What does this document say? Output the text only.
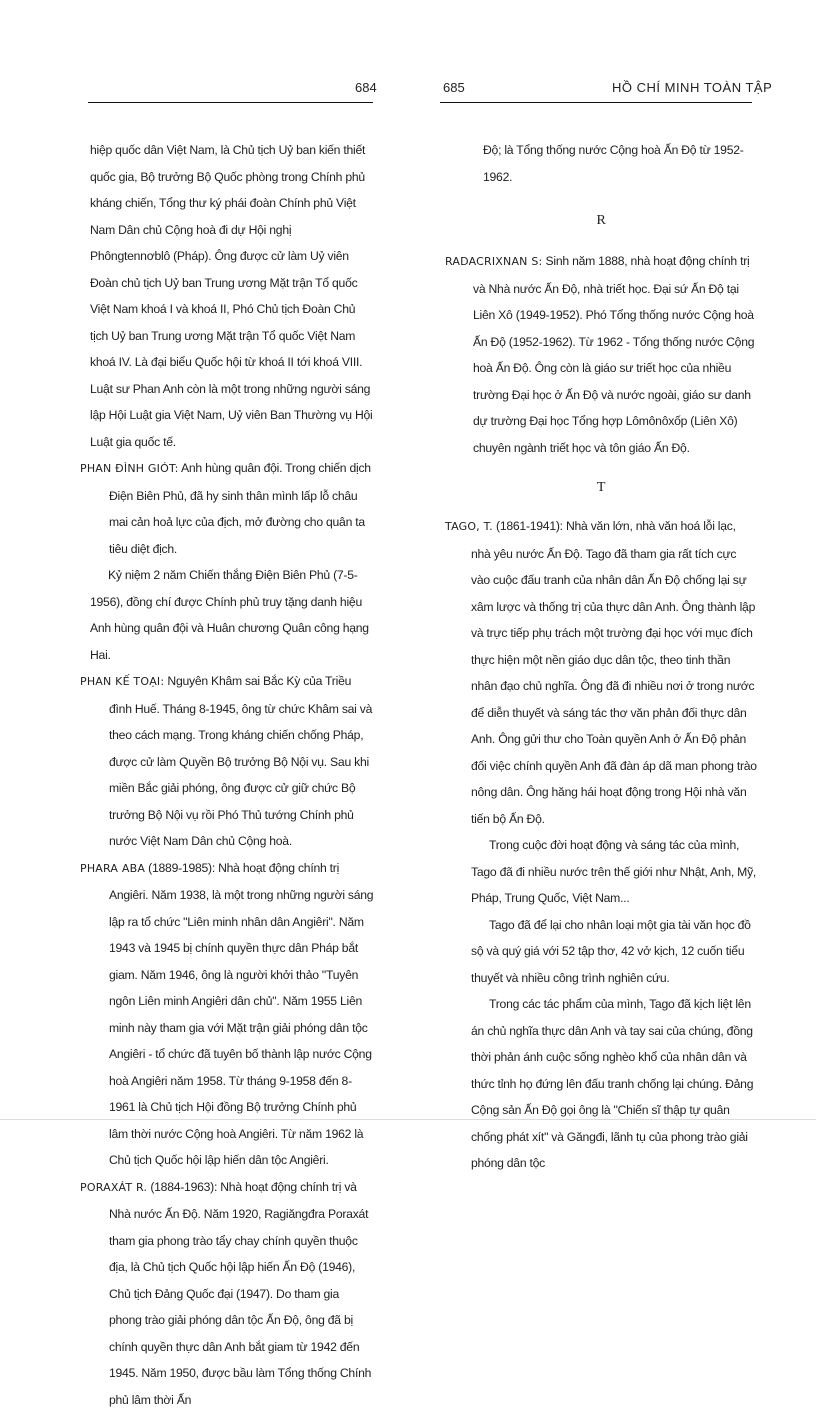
684	685	HỒ CHÍ MINH TOÀN TẬP

hiệp quốc dân Việt Nam, là Chủ tịch Uỷ ban kiến thiết quốc gia, Bộ trưởng Bộ Quốc phòng trong Chính phủ kháng chiến, Tổng thư ký phái đoàn Chính phủ Việt Nam Dân chủ Cộng hoà đi dự Hội nghị Phôngtennơblô (Pháp). Ông được cử làm Uỷ viên Đoàn chủ tịch Uỷ ban Trung ương Mặt trận Tổ quốc Việt Nam khoá I và khoá II, Phó Chủ tịch Đoàn Chủ tịch Uỷ ban Trung ương Mặt trận Tổ quốc Việt Nam khoá IV. Là đại biểu Quốc hội từ khoá II tới khoá VIII. Luật sư Phan Anh còn là một trong những người sáng lập Hội Luật gia Việt Nam, Uỷ viên Ban Thường vụ Hội Luật gia quốc tế.

PHAN ĐÌNH GIÓT: Anh hùng quân đội. Trong chiến dịch Điện Biên Phủ, đã hy sinh thân mình lấp lỗ châu mai cản hoả lực của địch, mở đường cho quân ta tiêu diệt địch.

Kỷ niệm 2 năm Chiến thắng Điện Biên Phủ (7-5-1956), đồng chí được Chính phủ truy tặng danh hiệu Anh hùng quân đội và Huân chương Quân công hạng Hai.

PHAN KẾ TOẠI: Nguyên Khâm sai Bắc Kỳ của Triều đình Huế. Tháng 8-1945, ông từ chức Khâm sai và theo cách mạng. Trong kháng chiến chống Pháp, được cử làm Quyền Bộ trưởng Bộ Nội vụ. Sau khi miền Bắc giải phóng, ông được cử giữ chức Bộ trưởng Bộ Nội vụ rồi Phó Thủ tướng Chính phủ nước Việt Nam Dân chủ Cộng hoà.

PHARA ABA (1889-1985): Nhà hoạt động chính trị Angiêri. Năm 1938, là một trong những người sáng lập ra tổ chức "Liên minh nhân dân Angiêri". Năm 1943 và 1945 bị chính quyền thực dân Pháp bắt giam. Năm 1946, ông là người khởi thảo "Tuyên ngôn Liên minh Angiêri dân chủ". Năm 1955 Liên minh này tham gia với Mặt trận giải phóng dân tộc Angiêri - tổ chức đã tuyên bố thành lập nước Cộng hoà Angiêri năm 1958. Từ tháng 9-1958 đến 8-1961 là Chủ tịch Hội đồng Bộ trưởng Chính phủ lâm thời nước Cộng hoà Angiêri. Từ năm 1962 là Chủ tịch Quốc hội lập hiến dân tộc Angiêri.

PORAXÁT R. (1884-1963): Nhà hoạt động chính trị và Nhà nước Ấn Độ. Năm 1920, Ragiăngđra Poraxát tham gia phong trào tẩy chay chính quyền thuộc địa, là Chủ tịch Quốc hội lập hiến Ấn Độ (1946), Chủ tịch Đảng Quốc đại (1947). Do tham gia phong trào giải phóng dân tộc Ấn Độ, ông đã bị chính quyền thực dân Anh bắt giam từ 1942 đến 1945. Năm 1950, được bầu làm Tổng thống Chính phủ lâm thời Ấn

Độ; là Tổng thống nước Cộng hoà Ấn Độ từ 1952-1962.

R

RADACRIXNAN S: Sinh năm 1888, nhà hoạt động chính trị và Nhà nước Ấn Độ, nhà triết học. Đại sứ Ấn Độ tại Liên Xô (1949-1952). Phó Tổng thống nước Cộng hoà Ấn Độ (1952-1962). Từ 1962 - Tổng thống nước Cộng hoà Ấn Độ. Ông còn là giáo sư triết học của nhiều trường Đại học ở Ấn Độ và nước ngoài, giáo sư danh dự trường Đại học Tổng hợp Lômônôxốp (Liên Xô) chuyên ngành triết học và tôn giáo Ấn Độ.

T

TAGO, T. (1861-1941): Nhà văn lớn, nhà văn hoá lỗi lạc, nhà yêu nước Ấn Độ. Tago đã tham gia rất tích cực vào cuộc đấu tranh của nhân dân Ấn Độ chống lại sự xâm lược và thống trị của thực dân Anh. Ông thành lập và trực tiếp phụ trách một trường đại học với mục đích thực hiện một nền giáo dục dân tộc, theo tinh thần nhân đạo chủ nghĩa. Ông đã đi nhiều nơi ở trong nước để diễn thuyết và sáng tác thơ văn phản đối thực dân Anh. Ông gửi thư cho Toàn quyền Anh ở Ấn Độ phản đối việc chính quyền Anh đã đàn áp dã man phong trào nông dân. Ông hăng hái hoạt động trong Hội nhà văn tiến bộ Ấn Độ.

Trong cuộc đời hoạt động và sáng tác của mình, Tago đã đi nhiều nước trên thế giới như Nhật, Anh, Mỹ, Pháp, Trung Quốc, Việt Nam...

Tago đã để lại cho nhân loại một gia tài văn học đồ sộ và quý giá với 52 tập thơ, 42 vở kịch, 12 cuốn tiểu thuyết và nhiều công trình nghiên cứu.

Trong các tác phẩm của mình, Tago đã kịch liệt lên án chủ nghĩa thực dân Anh và tay sai của chúng, đồng thời phản ánh cuộc sống nghèo khổ của nhân dân và thức tỉnh họ đứng lên đấu tranh chống lại chúng. Đảng Cộng sản Ấn Độ gọi ông là "Chiến sĩ thập tự quân chống phát xít" và Găngđi, lãnh tụ của phong trào giải phóng dân tộc
